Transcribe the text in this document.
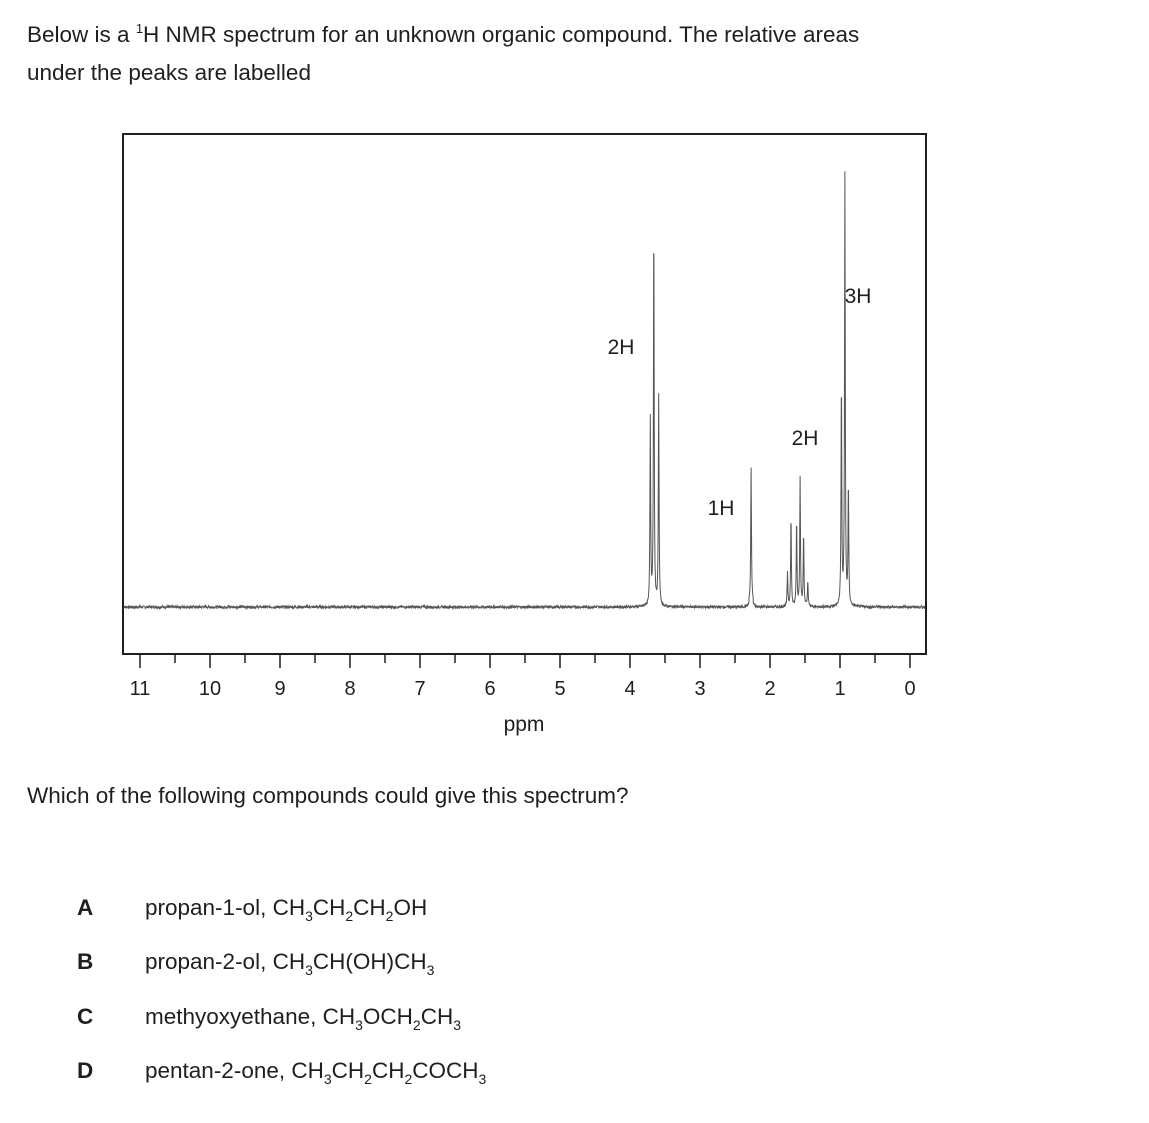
Below is a $^1$H NMR spectrum for an unknown organic compound. The relative areas
under the peaks are labelled
11 10	9	8	7	6	5	4	3	2	1	0
2H
1H
2H
3H
ppm
Which of the following compounds could give this spectrum?
A	propan-1-ol, $CH_3CH_2CH_2OH$
B	propan-2-ol, $CH_3CH(OH)CH_3$
C	methyoxyethane, $CH_3OCH_2CH_3$
D	pentan-2-one, $CH_3CH_2CH_2COCH_3$
